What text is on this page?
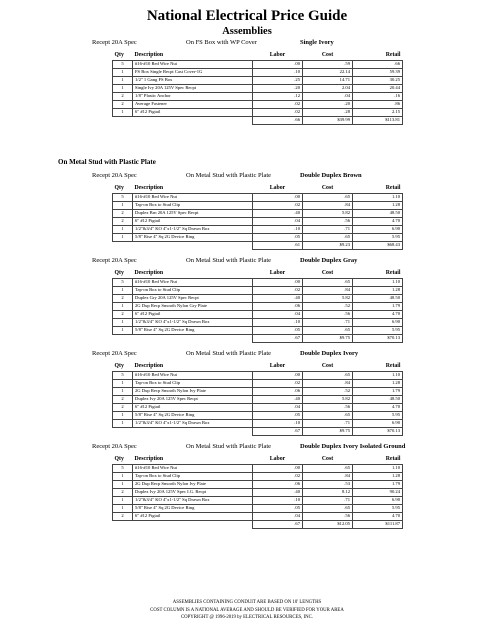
National Electrical Price Guide
Assemblies
Recept 20A Spec	On FS Box with WP Cover	Single Ivory
Qty	Description	Labor	Cost	Retail
5	#16-#10 Red Wire Nut	.00	.59	.66
1	FS Box Single Recpt Cast Cover-1G	.10	22.14	59.39
1	1/2" 1 Gang FS Box	.25	14.71	30.25
1	Single Ivy 20A 125V Spec Recpt	.20	2.04	20.44
2	1/8" Plastic Anchor	.12	.04	.16
2	Average Fastener	.02	.20	.86
1	6" #12 Pigtail	.02	.28	2.15
		.66	$39.99	$113.81
Recept 20A Spec	On Metal Stud with Plastic Plate	Double Duplex Brown
Qty	Description	Labor	Cost	Retail
5	#16-#10 Red Wire Nut	.00	.65	1.10
1	Tap-on Box to Stud Clip	.02	.84	1.28
2	Duplex Brn 20A 125V Spec Recpt	.40	5.82	48.50
2	6" #12 Pigtail	.04	.56	4.70
1	1/2"&3/4" KO 4"x1-1/2" Sq Drawn Box	.10	.71	6.90
1	5/8" Rise 4" Sq 2G Device Ring	.05	.65	5.95
		.61	$9.23	$68.43
Recept 20A Spec	On Metal Stud with Plastic Plate	Double Duplex Gray
Qty	Description	Labor	Cost	Retail
5	#16-#10 Red Wire Nut	.00	.65	1.10
1	Tap-on Box to Stud Clip	.02	.84	1.28
2	Duplex Gry 20A 125V Spec Recpt	.40	5.82	48.50
1	2G Dup Recp Smooth Nylon Gry Plate	.06	.52	1.79
2	6" #12 Pigtail	.04	.56	4.70
1	1/2"&3/4" KO 4"x1-1/2" Sq Drawn Box	.10	.71	6.90
1	5/8" Rise 4" Sq 2G Device Ring	.05	.65	5.95
		.67	$9.75	$70.13
Recept 20A Spec	On Metal Stud with Plastic Plate	Double Duplex Ivory
Qty	Description	Labor	Cost	Retail
5	#16-#10 Red Wire Nut	.00	.65	1.10
1	Tap-on Box to Stud Clip	.02	.84	1.28
1	2G Dup Recp Smooth Nylon Ivy Plate	.06	.52	1.79
2	Duplex Ivy 20A 125V Spec Recpt	.40	5.82	48.50
2	6" #12 Pigtail	.04	.56	4.70
1	5/8" Rise 4" Sq 2G Device Ring	.05	.65	5.95
1	1/2"&3/4" KO 4"x1-1/2" Sq Drawn Box	.10	.71	6.90
		.67	$9.75	$70.13
Recept 20A Spec	On Metal Stud with Plastic Plate	Double Duplex Ivory Isolated Ground
Qty	Description	Labor	Cost	Retail
5	#16-#10 Red Wire Nut	.00	.65	1.10
1	Tap-on Box to Stud Clip	.02	.84	1.28
1	2G Dup Recp Smooth Nylon Ivy Plate	.06	.53	1.79
2	Duplex Ivy 20A 125V Spec I.G. Recpt	.40	8.12	90.24
1	1/2"&3/4" KO 4"x1-1/2" Sq Drawn Box	.10	.71	6.90
1	5/8" Rise 4" Sq 2G Device Ring	.05	.65	5.95
2	6" #12 Pigtail	.04	.56	4.70
		.67	$12.05	$111.87
On Metal Stud with Plastic Plate
ASSEMBLIES CONTAINING CONDUIT ARE BASED ON 10' LENGTHS
COST COLUMN IS A NATIONAL AVERAGE AND SHOULD BE VERIFIED FOR YOUR AREA
COPYRIGHT @ 1996-2019 by ELECTRICAL RESOURCES, INC.
